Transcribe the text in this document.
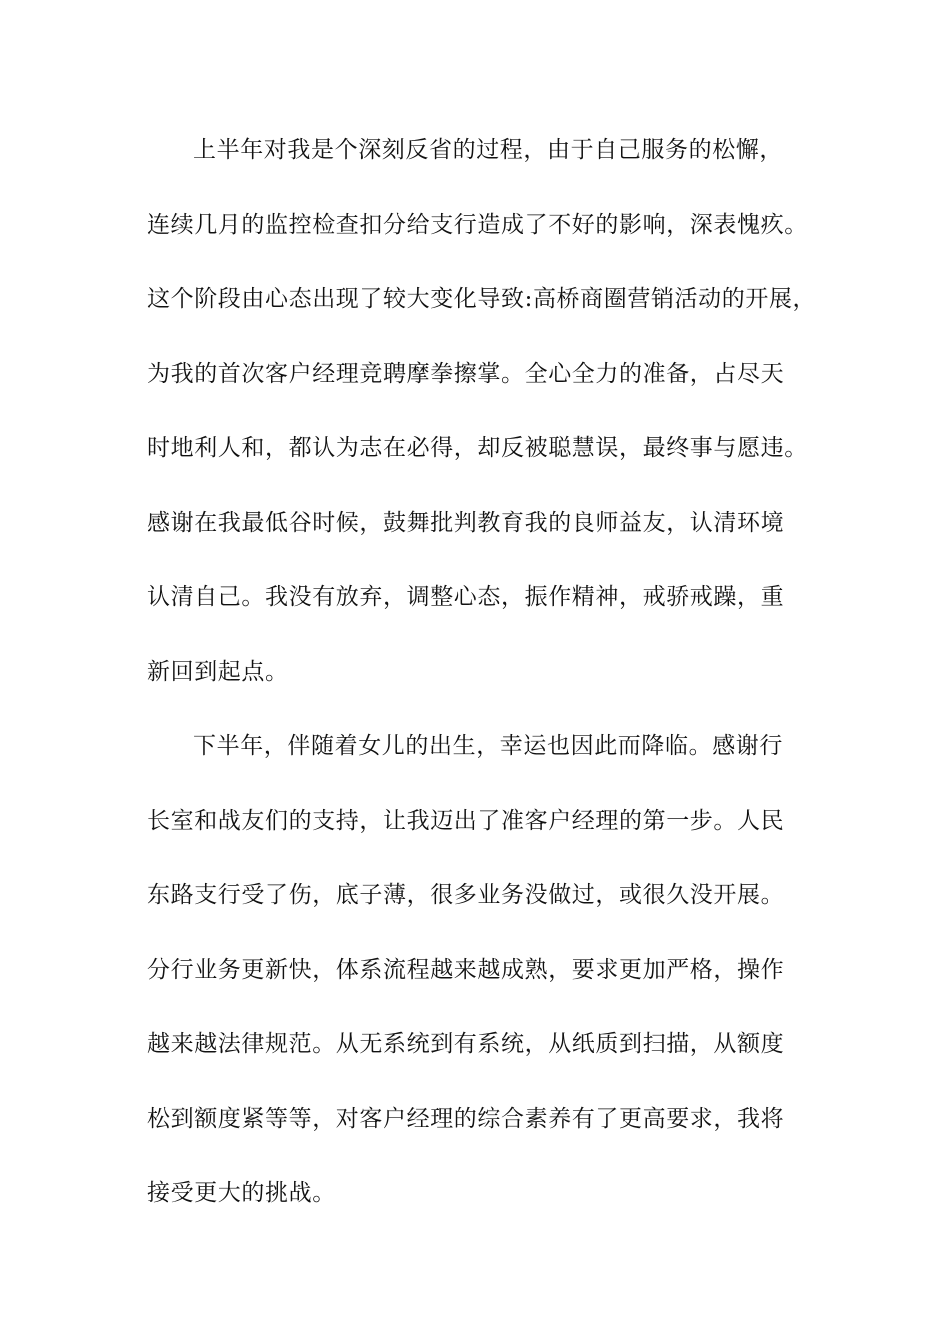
上半年对我是个深刻反省的过程，由于自己服务的松懈，
连续几月的监控检查扣分给支行造成了不好的影响，深表愧疚。
这个阶段由心态出现了较大变化导致:高桥商圈营销活动的开展，
为我的首次客户经理竞聘摩拳擦掌。全心全力的准备，占尽天
时地利人和，都认为志在必得，却反被聪慧误，最终事与愿违。
感谢在我最低谷时候，鼓舞批判教育我的良师益友，认清环境
认清自己。我没有放弃，调整心态，振作精神，戒骄戒躁，重
新回到起点。
下半年，伴随着女儿的出生，幸运也因此而降临。感谢行
长室和战友们的支持，让我迈出了准客户经理的第一步。人民
东路支行受了伤，底子薄，很多业务没做过，或很久没开展。
分行业务更新快，体系流程越来越成熟，要求更加严格，操作
越来越法律规范。从无系统到有系统，从纸质到扫描，从额度
松到额度紧等等，对客户经理的综合素养有了更高要求，我将
接受更大的挑战。
